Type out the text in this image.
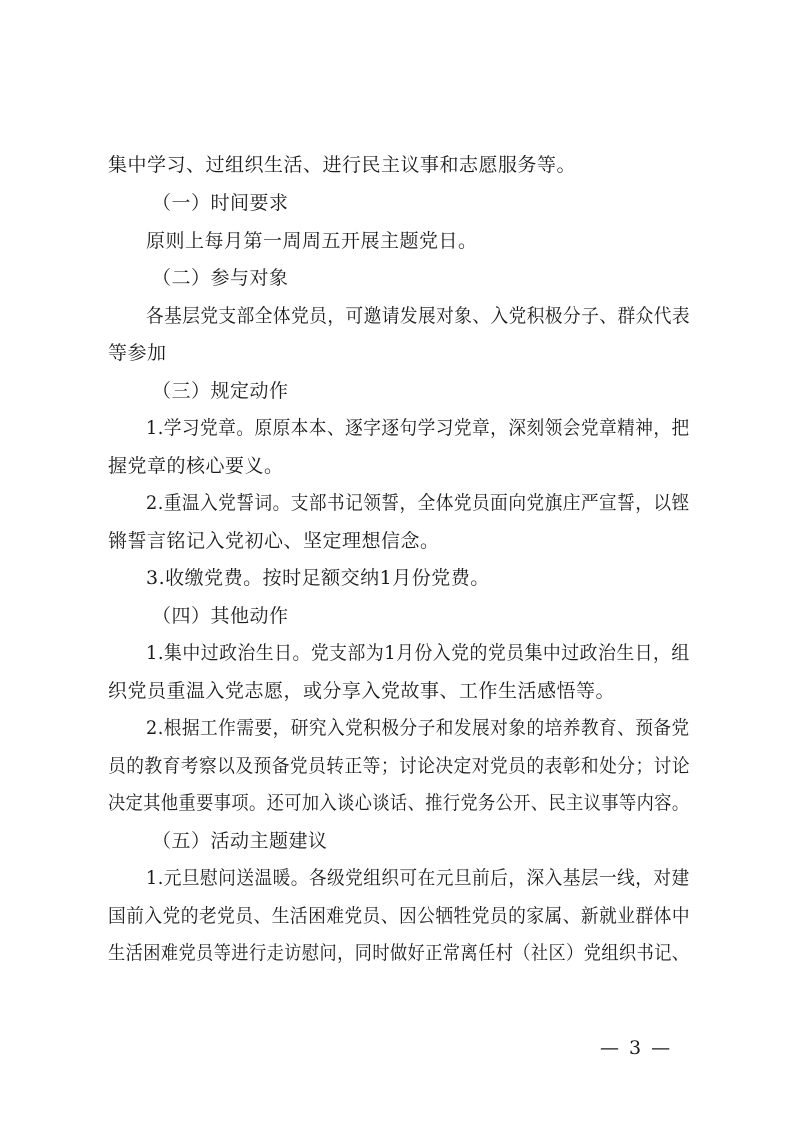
集中学习、过组织生活、进行民主议事和志愿服务等。
（一）时间要求
原则上每月第一周周五开展主题党日。
（二）参与对象
各基层党支部全体党员，可邀请发展对象、入党积极分子、群众代表
等参加
（三）规定动作
1.学习党章。原原本本、逐字逐句学习党章，深刻领会党章精神，把
握党章的核心要义。
2.重温入党誓词。支部书记领誓，全体党员面向党旗庄严宣誓，以铿
锵誓言铭记入党初心、坚定理想信念。
3.收缴党费。按时足额交纳1月份党费。
（四）其他动作
1.集中过政治生日。党支部为1月份入党的党员集中过政治生日，组
织党员重温入党志愿，或分享入党故事、工作生活感悟等。
2.根据工作需要，研究入党积极分子和发展对象的培养教育、预备党
员的教育考察以及预备党员转正等；讨论决定对党员的表彰和处分；讨论
决定其他重要事项。还可加入谈心谈话、推行党务公开、民主议事等内容。
（五）活动主题建议
1.元旦慰问送温暖。各级党组织可在元旦前后，深入基层一线，对建
国前入党的老党员、生活困难党员、因公牺牲党员的家属、新就业群体中
生活困难党员等进行走访慰问，同时做好正常离任村（社区）党组织书记、
— 3 —
